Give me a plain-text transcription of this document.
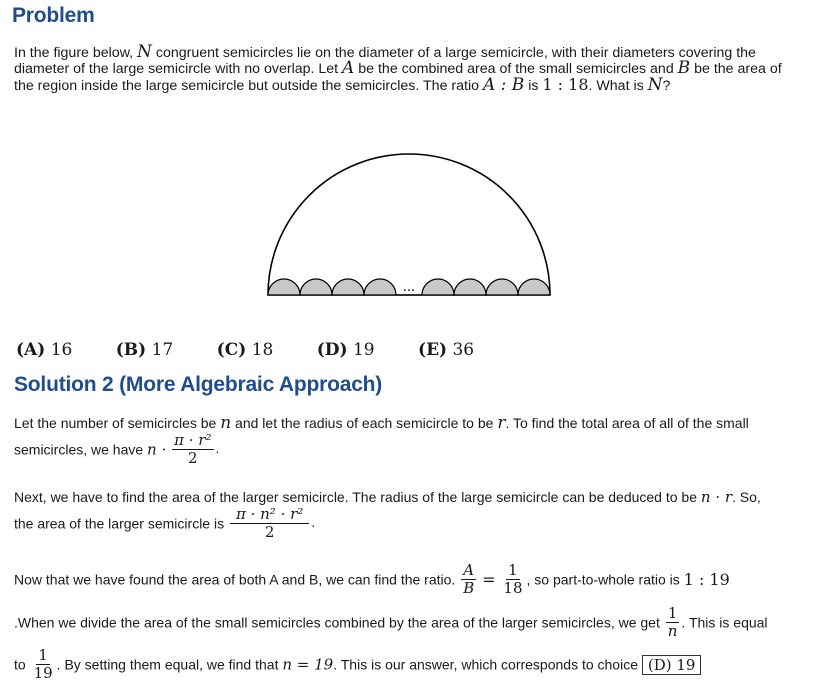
Problem
In the figure below, N congruent semicircles lie on the diameter of a large semicircle, with their diameters covering the diameter of the large semicircle with no overlap. Let A be the combined area of the small semicircles and B be the area of the region inside the large semicircle but outside the semicircles. The ratio A : B is 1 : 18. What is N?
...
(A) 16	(B) 17	(C) 18	(D) 19	(E) 36
Solution 2 (More Algebraic Approach)
Let the number of semicircles be n and let the radius of each semicircle to be r. To find the total area of all of the small
semicircles, we have $n \cdot \frac{\text{π · r²}}{2}$ .
Next, we have to find the area of the larger semicircle. The radius of the large semicircle can be deduced to be n · r. So,
the area of the larger semicircle is $\frac{\text{π · n² · r²}}{2}$ .
Now that we have found the area of both A and B, we can find the ratio. $\frac{A}{B} = \frac{1}{18}$ , so part-to-whole ratio is 1 : 19
.When we divide the area of the small semicircles combined by the area of the larger semicircles, we get $\frac{1}{n}$ . This is equal
to $\frac{1}{19}$ . By setting them equal, we find that n = 19. This is our answer, which corresponds to choice (D) 19
